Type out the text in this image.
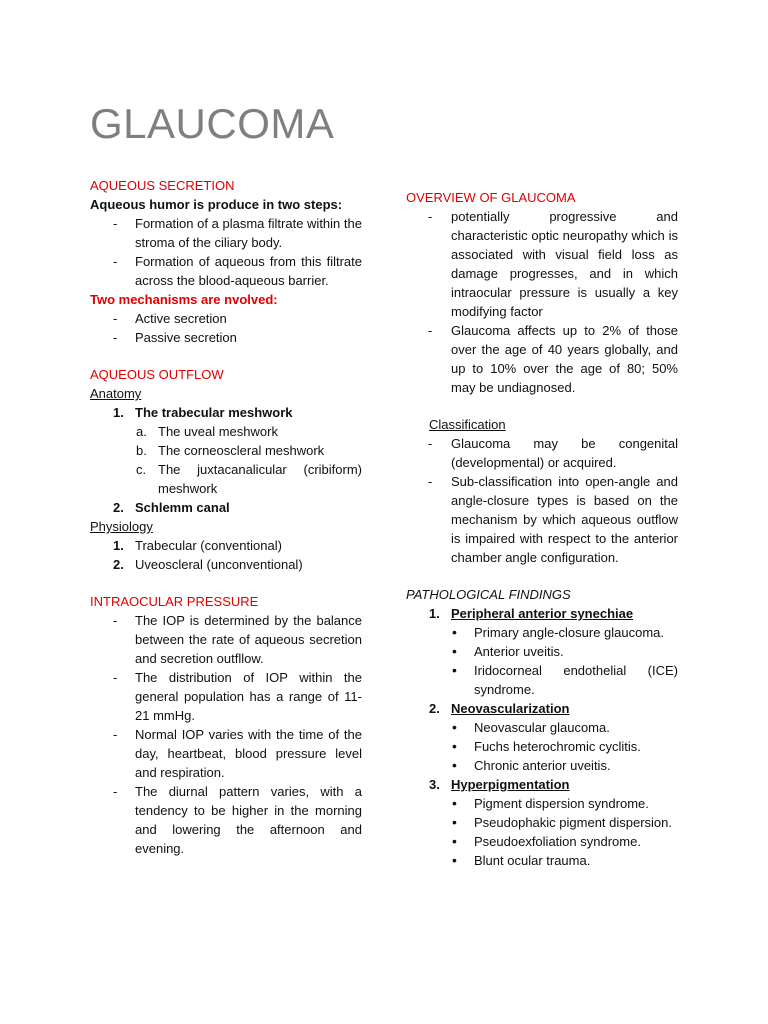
GLAUCOMA

AQUEOUS SECRETION

Aqueous humor is produce in two steps:

- Formation of a plasma filtrate within the stroma of the ciliary body.
- Formation of aqueous from this filtrate across the blood-aqueous barrier.

Two mechanisms are nvolved:

- Active secretion
- Passive secretion

AQUEOUS OUTFLOW

Anatomy

1. The trabecular meshwork
a. The uveal meshwork
b. The corneoscleral meshwork
c. The juxtacanalicular (cribiform) meshwork
2. Schlemm canal

Physiology

1. Trabecular (conventional)
2. Uveoscleral (unconventional)

INTRAOCULAR PRESSURE

- The IOP is determined by the balance between the rate of aqueous secretion and secretion outfllow.
- The distribution of IOP within the general population has a range of 11-21 mmHg.
- Normal IOP varies with the time of the day, heartbeat, blood pressure level and respiration.
- The diurnal pattern varies, with a tendency to be higher in the morning and lowering the afternoon and evening.

OVERVIEW OF GLAUCOMA

- potentially progressive and characteristic optic neuropathy which is associated with visual field loss as damage progresses, and in which intraocular pressure is usually a key modifying factor
- Glaucoma affects up to 2% of those over the age of 40 years globally, and up to 10% over the age of 80; 50% may be undiagnosed.

Classification

- Glaucoma may be congenital (developmental) or acquired.
- Sub-classification into open-angle and angle-closure types is based on the mechanism by which aqueous outflow is impaired with respect to the anterior chamber angle configuration.

PATHOLOGICAL FINDINGS

1. Peripheral anterior synechiae
• Primary angle-closure glaucoma.
• Anterior uveitis.
• Iridocorneal endothelial (ICE) syndrome.
2. Neovascularization
• Neovascular glaucoma.
• Fuchs heterochromic cyclitis.
• Chronic anterior uveitis.
3. Hyperpigmentation
• Pigment dispersion syndrome.
• Pseudophakic pigment dispersion.
• Pseudoexfoliation syndrome.
• Blunt ocular trauma.
